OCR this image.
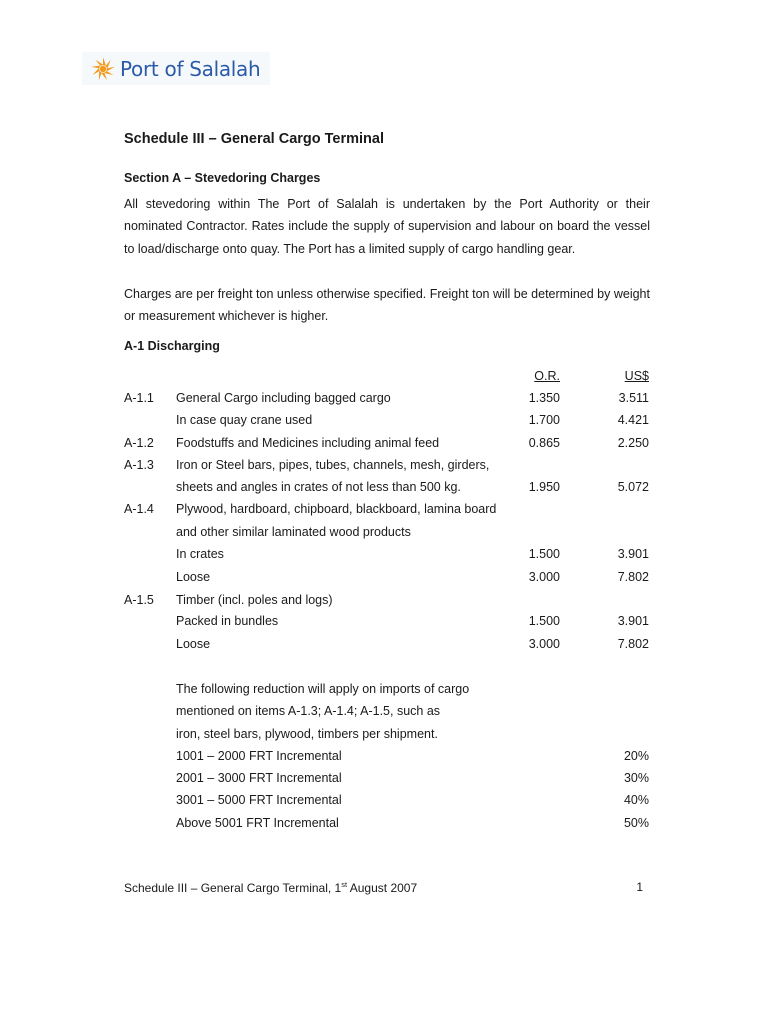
Port of Salalah
Schedule III – General Cargo Terminal
Section A – Stevedoring Charges
All stevedoring within The Port of Salalah is undertaken by the Port Authority or their nominated Contractor. Rates include the supply of supervision and labour on board the vessel to load/discharge onto quay. The Port has a limited supply of cargo handling gear.
Charges are per freight ton unless otherwise specified. Freight ton will be determined by weight or measurement whichever is higher.
A-1 Discharging
O.R.	US$
A-1.1 General Cargo including bagged cargo	1.350	3.511
In case quay crane used	1.700	4.421
A-1.2 Foodstuffs and Medicines including animal feed	0.865	2.250
A-1.3 Iron or Steel bars, pipes, tubes, channels, mesh, girders,
sheets and angles in crates of not less than 500 kg.	1.950	5.072
A-1.4 Plywood, hardboard, chipboard, blackboard, lamina board
and other similar laminated wood products
In crates	1.500	3.901
Loose	3.000	7.802
A-1.5 Timber (incl. poles and logs)
Packed in bundles	1.500	3.901
Loose	3.000	7.802
The following reduction will apply on imports of cargo
mentioned on items A-1.3; A-1.4; A-1.5, such as
iron, steel bars, plywood, timbers per shipment.
1001 – 2000 FRT Incremental	20%
2001 – 3000 FRT Incremental	30%
3001 – 5000 FRT Incremental	40%
Above 5001 FRT Incremental	50%
Schedule III – General Cargo Terminal, 1st August 2007	1
